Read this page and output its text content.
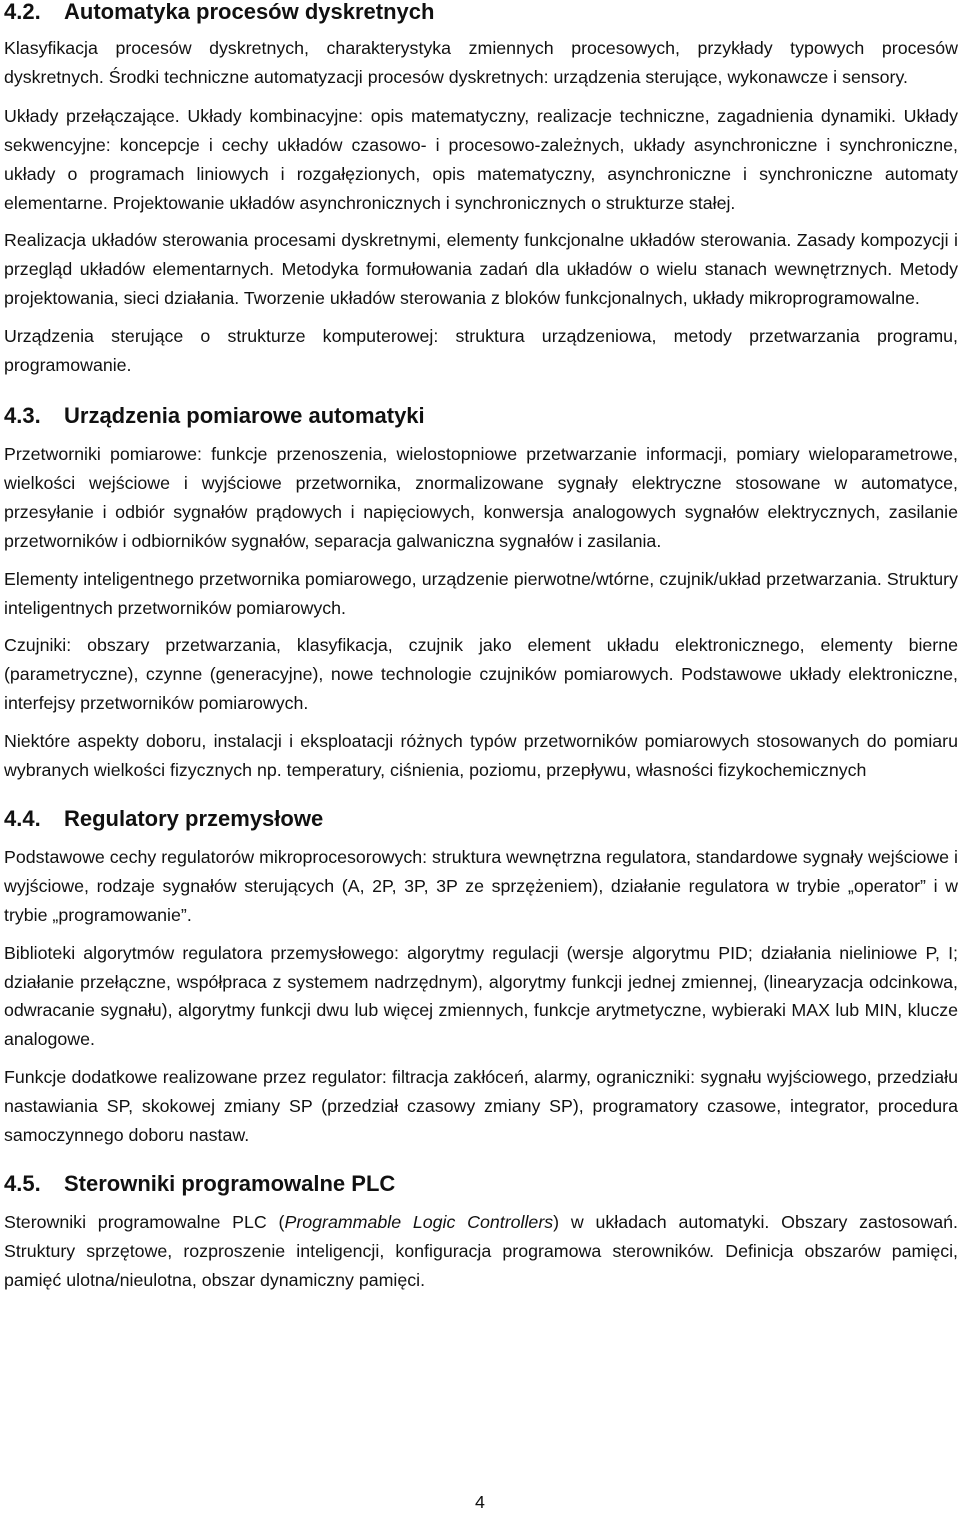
4.2. Automatyka procesów dyskretnych

Klasyfikacja procesów dyskretnych, charakterystyka zmiennych procesowych, przykłady typowych procesów dyskretnych. Środki techniczne automatyzacji procesów dyskretnych: urządzenia sterujące, wykonawcze i sensory.

Układy przełączające. Układy kombinacyjne: opis matematyczny, realizacje techniczne, zagadnienia dynamiki. Układy sekwencyjne: koncepcje i cechy układów czasowo- i procesowo-zależnych, układy asynchroniczne i synchroniczne, układy o programach liniowych i rozgałęzionych, opis matematyczny, asynchroniczne i synchroniczne automaty elementarne. Projektowanie układów asynchronicznych i synchronicznych o strukturze stałej.

Realizacja układów sterowania procesami dyskretnymi, elementy funkcjonalne układów sterowania. Zasady kompozycji i przegląd układów elementarnych. Metodyka formułowania zadań dla układów o wielu stanach wewnętrznych. Metody projektowania, sieci działania. Tworzenie układów sterowania z bloków funkcjonalnych, układy mikroprogramowalne.

Urządzenia sterujące o strukturze komputerowej: struktura urządzeniowa, metody przetwarzania programu, programowanie.

4.3. Urządzenia pomiarowe automatyki

Przetworniki pomiarowe: funkcje przenoszenia, wielostopniowe przetwarzanie informacji, pomiary wieloparametrowe, wielkości wejściowe i wyjściowe przetwornika, znormalizowane sygnały elektryczne stosowane w automatyce, przesyłanie i odbiór sygnałów prądowych i napięciowych, konwersja analogowych sygnałów elektrycznych, zasilanie przetworników i odbiorników sygnałów, separacja galwaniczna sygnałów i zasilania.

Elementy inteligentnego przetwornika pomiarowego, urządzenie pierwotne/wtórne, czujnik/układ przetwarzania. Struktury inteligentnych przetworników pomiarowych.

Czujniki: obszary przetwarzania, klasyfikacja, czujnik jako element układu elektronicznego, elementy bierne (parametryczne), czynne (generacyjne), nowe technologie czujników pomiarowych. Podstawowe układy elektroniczne, interfejsy przetworników pomiarowych.

Niektóre aspekty doboru, instalacji i eksploatacji różnych typów przetworników pomiarowych stosowanych do pomiaru wybranych wielkości fizycznych np. temperatury, ciśnienia, poziomu, przepływu, własności fizykochemicznych

4.4. Regulatory przemysłowe

Podstawowe cechy regulatorów mikroprocesorowych: struktura wewnętrzna regulatora, standardowe sygnały wejściowe i wyjściowe, rodzaje sygnałów sterujących (A, 2P, 3P, 3P ze sprzężeniem), działanie regulatora w trybie „operator” i w trybie „programowanie”.

Biblioteki algorytmów regulatora przemysłowego: algorytmy regulacji (wersje algorytmu PID; działania nieliniowe P, I; działanie przełączne, współpraca z systemem nadrzędnym), algorytmy funkcji jednej zmiennej, (linearyzacja odcinkowa, odwracanie sygnału), algorytmy funkcji dwu lub więcej zmiennych, funkcje arytmetyczne, wybieraki MAX lub MIN, klucze analogowe.

Funkcje dodatkowe realizowane przez regulator: filtracja zakłóceń, alarmy, ograniczniki: sygnału wyjściowego, przedziału nastawiania SP, skokowej zmiany SP (przedział czasowy zmiany SP), programatory czasowe, integrator, procedura samoczynnego doboru nastaw.

4.5. Sterowniki programowalne PLC

Sterowniki programowalne PLC (Programmable Logic Controllers) w układach automatyki. Obszary zastosowań. Struktury sprzętowe, rozproszenie inteligencji, konfiguracja programowa sterowników. Definicja obszarów pamięci, pamięć ulotna/nieulotna, obszar dynamiczny pamięci.

4
